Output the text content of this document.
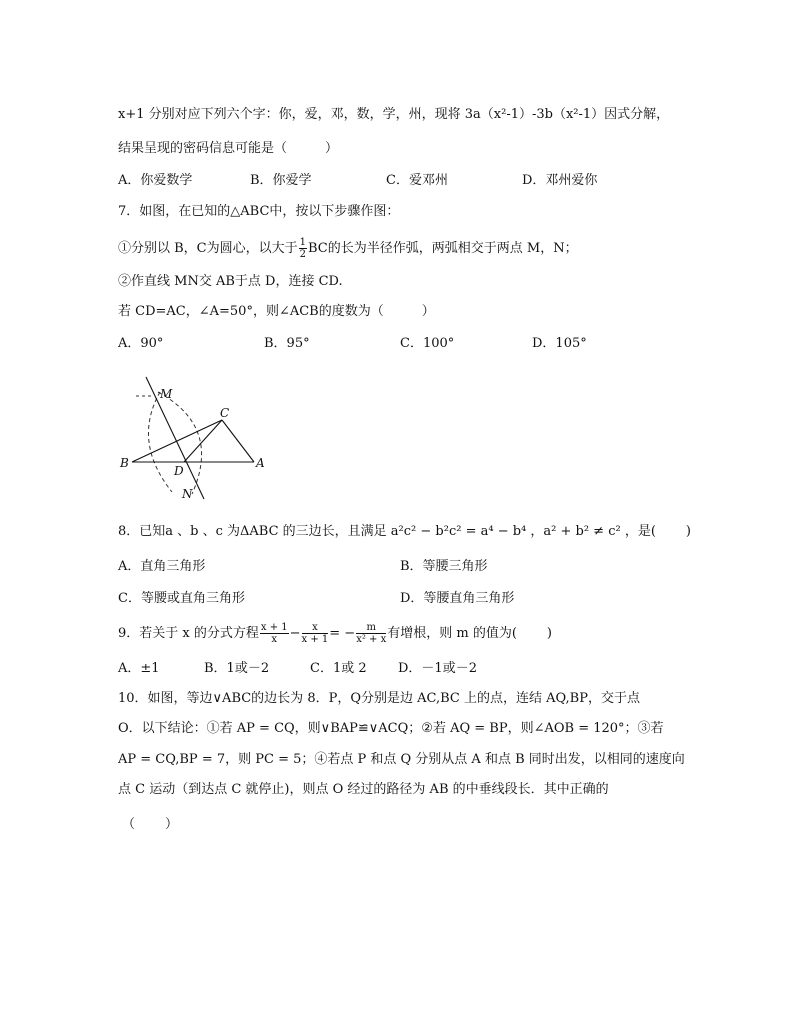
x+1 分别对应下列六个字：你，爱，邓，数，学，州，现将 3a（x²-1）-3b（x²-1）因式分解，
结果呈现的密码信息可能是（	）
A．你爱数学	B．你爱学	C．爱邓州	D．邓州爱你
7．如图，在已知的△ABC中，按以下步骤作图：
①分别以 B，C为圆心，以大于 $\frac{1}{2}$ BC的长为半径作弧，两弧相交于两点 M，N；
②作直线 MN交 AB于点 D，连接 CD.
若 CD=AC，∠A=50°，则∠ACB的度数为（	）
A．90°	B．95°	C．100°	D．105°
M
C
B
D
A
N
8．已知a 、b 、c 为ΔABC 的三边长，且满足 a²c² − b²c² = a⁴ − b⁴ ，a² + b² ≠ c² ，是( )
A．直角三角形	B．等腰三角形
C．等腰或直角三角形	D．等腰直角三角形
9．若关于 x 的分式方程 $\frac{x + 1}{x} - \frac{x}{x + 1}$ = − $\frac{m}{\text{x² + x}}$ 有增根，则 m 的值为( )
A．±1	B．1或－2	C．1或 2 D．－1或－2
10．如图，等边∨ABC的边长为 8．P，Q分别是边 AC,BC 上的点，连结 AQ,BP，交于点
O．以下结论：①若 AP = CQ，则∨BAP≌∨ACQ；②若 AQ = BP，则∠AOB = 120°；③若
AP = CQ,BP = 7，则 PC = 5；④若点 P 和点 Q 分别从点 A 和点 B 同时出发，以相同的速度向
点 C 运动（到达点 C 就停止)，则点 O 经过的路径为 AB 的中垂线段长．其中正确的
（ ）
